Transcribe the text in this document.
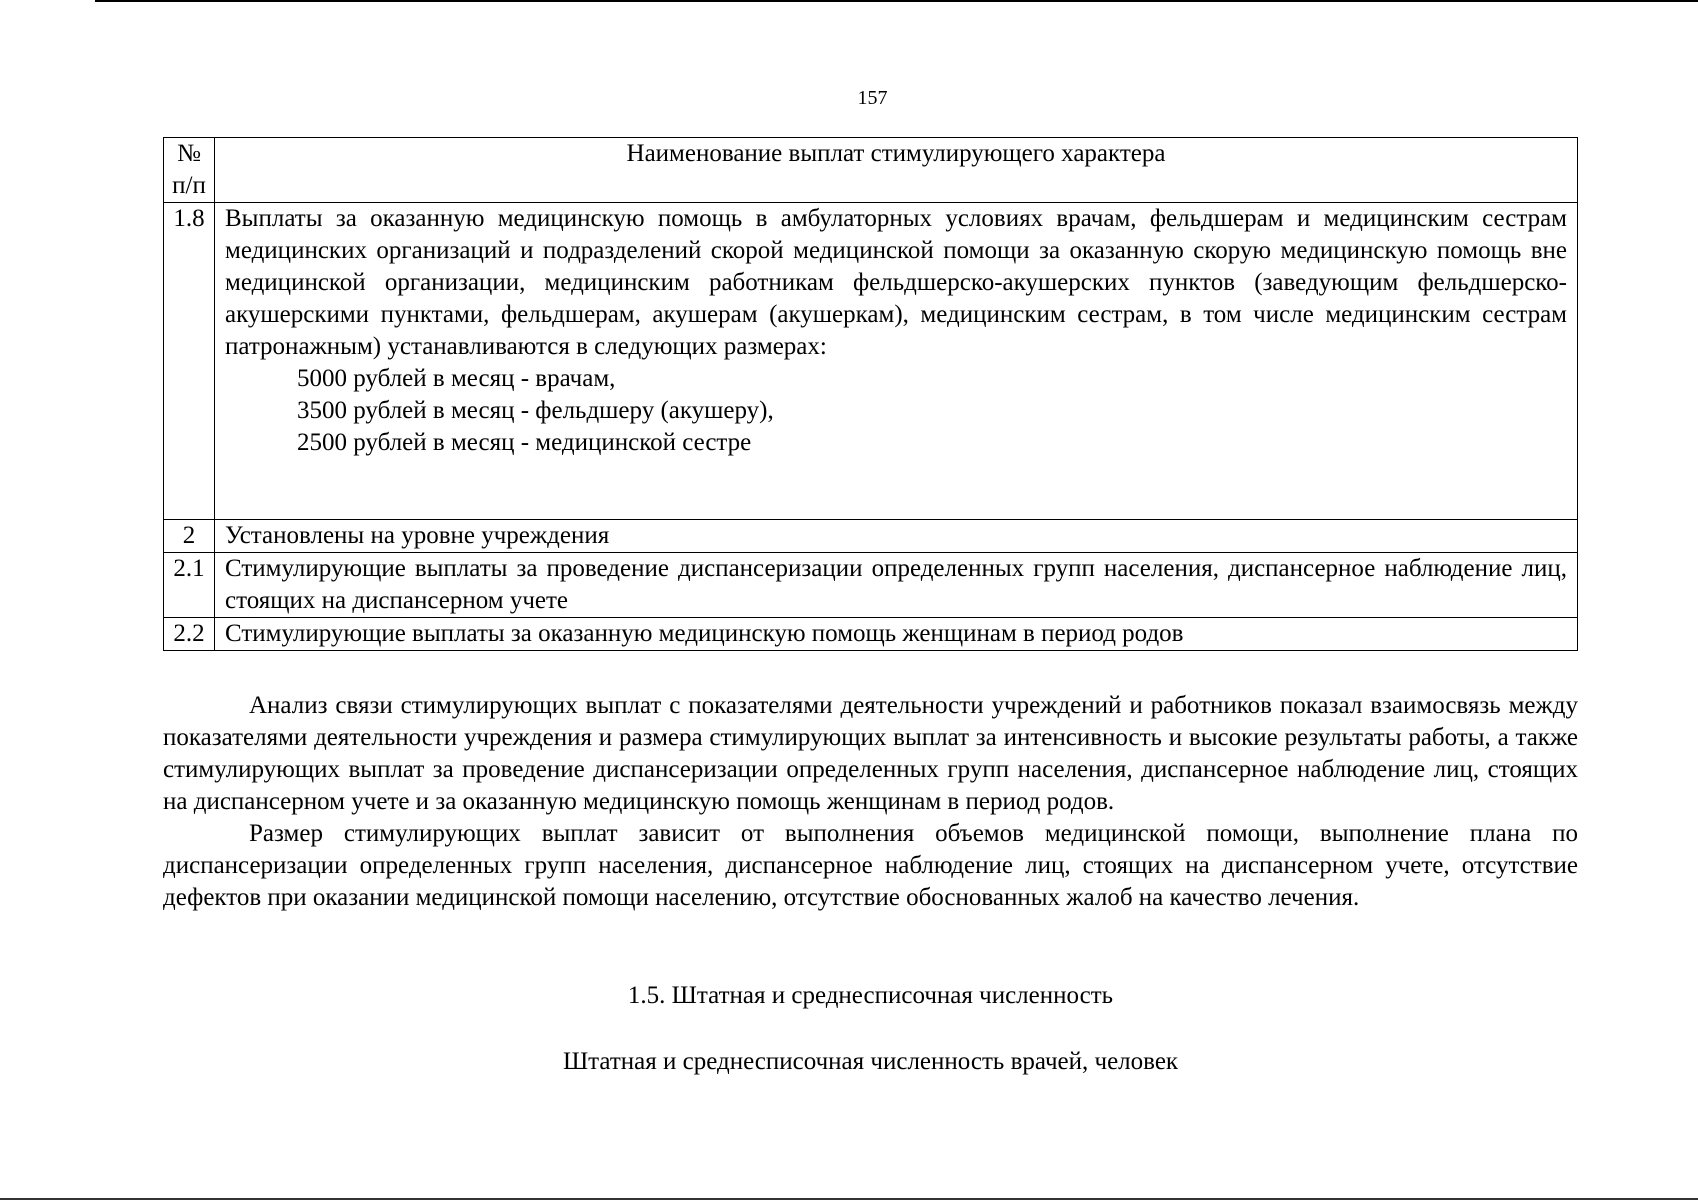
157
№ п/п	Наименование выплат стимулирующего характера
1.8	Выплаты за оказанную медицинскую помощь в амбулаторных условиях врачам, фельдшерам и медицинским сестрам медицинских организаций и подразделений скорой медицинской помощи за оказанную скорую медицинскую помощь вне медицинской организации, медицинским работникам фельдшерско-акушерских пунктов (заведующим фельдшерско-акушерскими пунктами, фельдшерам, акушерам (акушеркам), медицинским сестрам, в том числе медицинским сестрам патронажным) устанавливаются в следующих размерах:
5000 рублей в месяц - врачам,
3500 рублей в месяц - фельдшеру (акушеру),
2500 рублей в месяц - медицинской сестре

2	Установлены на уровне учреждения
2.1	Стимулирующие выплаты за проведение диспансеризации определенных групп населения, диспансерное наблюдение лиц, стоящих на диспансерном учете
2.2	Стимулирующие выплаты за оказанную медицинскую помощь женщинам в период родов

Анализ связи стимулирующих выплат с показателями деятельности учреждений и работников показал взаимосвязь между показателями деятельности учреждения и размера стимулирующих выплат за интенсивность и высокие результаты работы, а также стимулирующих выплат за проведение диспансеризации определенных групп населения, диспансерное наблюдение лиц, стоящих на диспансерном учете и за оказанную медицинскую помощь женщинам в период родов.

Размер стимулирующих выплат зависит от выполнения объемов медицинской помощи, выполнение плана по диспансеризации определенных групп населения, диспансерное наблюдение лиц, стоящих на диспансерном учете, отсутствие дефектов при оказании медицинской помощи населению, отсутствие обоснованных жалоб на качество лечения.

1.5. Штатная и среднесписочная численность
Штатная и среднесписочная численность врачей, человек
